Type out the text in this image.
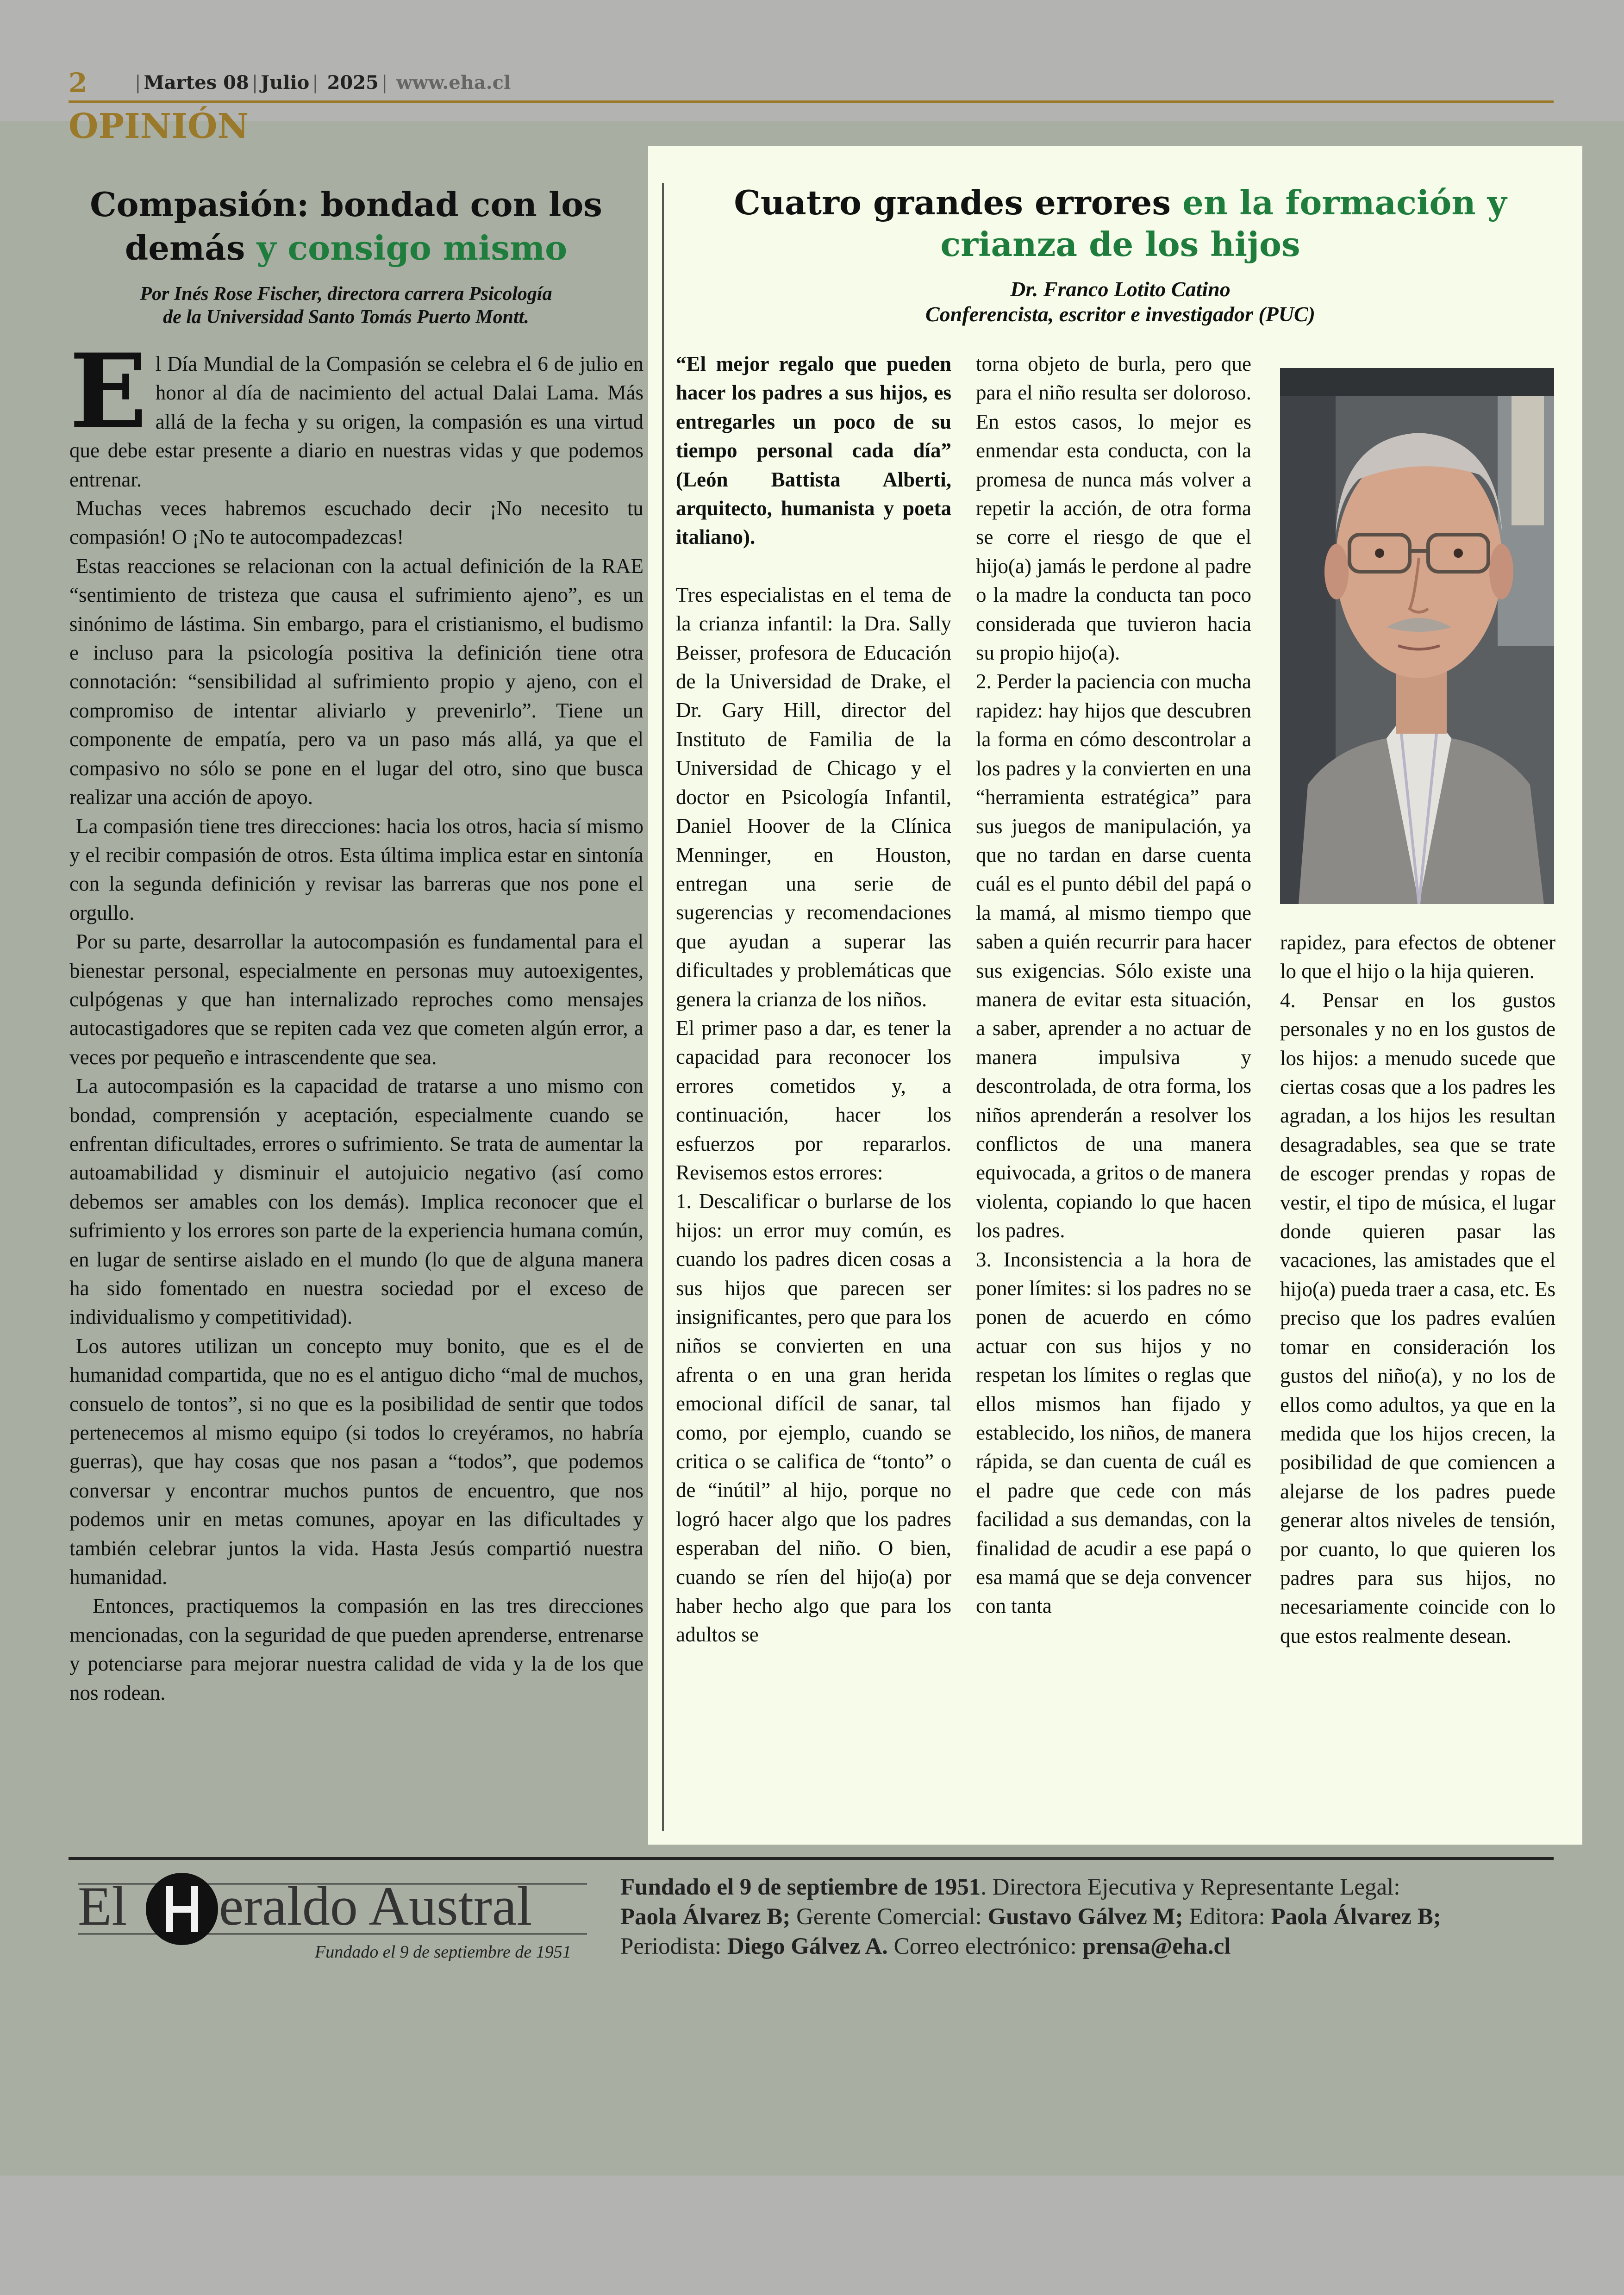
2	| Martes 08 | Julio | 2025 | www.eha.cl
OPINIÓN
Compasión: bondad con los demás y consigo mismo
Por Inés Rose Fischer, directora carrera Psicología
de la Universidad Santo Tomás Puerto Montt.

El Día Mundial de la Compasión se celebra el 6 de julio en honor al día de nacimiento del actual Dalai Lama. Más allá de la fecha y su origen, la compasión es una virtud que debe estar presente a diario en nuestras vidas y que podemos entrenar.

Muchas veces habremos escuchado decir ¡No necesito tu compasión! O ¡No te autocompadezcas!

Estas reacciones se relacionan con la actual definición de la RAE “sentimiento de tristeza que causa el sufrimiento ajeno”, es un sinónimo de lástima. Sin embargo, para el cristianismo, el budismo e incluso para la psicología positiva la definición tiene otra connotación: “sensibilidad al sufrimiento propio y ajeno, con el compromiso de intentar aliviarlo y prevenirlo”. Tiene un componente de empatía, pero va un paso más allá, ya que el compasivo no sólo se pone en el lugar del otro, sino que busca realizar una acción de apoyo.

La compasión tiene tres direcciones: hacia los otros, hacia sí mismo y el recibir compasión de otros. Esta última implica estar en sintonía con la segunda definición y revisar las barreras que nos pone el orgullo.

Por su parte, desarrollar la autocompasión es fundamental para el bienestar personal, especialmente en personas muy autoexigentes, culpógenas y que han internalizado reproches como mensajes autocastigadores que se repiten cada vez que cometen algún error, a veces por pequeño e intrascendente que sea.

La autocompasión es la capacidad de tratarse a uno mismo con bondad, comprensión y aceptación, especialmente cuando se enfrentan dificultades, errores o sufrimiento. Se trata de aumentar la autoamabilidad y disminuir el autojuicio negativo (así como debemos ser amables con los demás). Implica reconocer que el sufrimiento y los errores son parte de la experiencia humana común, en lugar de sentirse aislado en el mundo (lo que de alguna manera ha sido fomentado en nuestra sociedad por el exceso de individualismo y competitividad).

Los autores utilizan un concepto muy bonito, que es el de humanidad compartida, que no es el antiguo dicho “mal de muchos, consuelo de tontos”, si no que es la posibilidad de sentir que todos pertenecemos al mismo equipo (si todos lo creyéramos, no habría guerras), que hay cosas que nos pasan a “todos”, que podemos conversar y encontrar muchos puntos de encuentro, que nos podemos unir en metas comunes, apoyar en las dificultades y también celebrar juntos la vida. Hasta Jesús compartió nuestra humanidad.

Entonces, practiquemos la compasión en las tres direcciones mencionadas, con la seguridad de que pueden aprenderse, entrenarse y potenciarse para mejorar nuestra calidad de vida y la de los que nos rodean.

Cuatro grandes errores en la formación y crianza de los hijos
Dr. Franco Lotito Catino
Conferencista, escritor e investigador (PUC)

“El mejor regalo que pueden hacer los padres a sus hijos, es entregarles un poco de su tiempo personal cada día” (León Battista Alberti, arquitecto, humanista y poeta italiano).

Tres especialistas en el tema de la crianza infantil: la Dra. Sally Beisser, profesora de Educación de la Universidad de Drake, el Dr. Gary Hill, director del Instituto de Familia de la Universidad de Chicago y el doctor en Psicología Infantil, Daniel Hoover de la Clínica Menninger, en Houston, entregan una serie de sugerencias y recomendaciones que ayudan a superar las dificultades y problemáticas que genera la crianza de los niños.

El primer paso a dar, es tener la capacidad para reconocer los errores cometidos y, a continuación, hacer los esfuerzos por repararlos. Revisemos estos errores:

1. Descalificar o burlarse de los hijos: un error muy común, es cuando los padres dicen cosas a sus hijos que parecen ser insignificantes, pero que para los niños se convierten en una afrenta o en una gran herida emocional difícil de sanar, tal como, por ejemplo, cuando se critica o se califica de “tonto” o de “inútil” al hijo, porque no logró hacer algo que los padres esperaban del niño. O bien, cuando se ríen del hijo(a) por haber hecho algo que para los adultos se

torna objeto de burla, pero que para el niño resulta ser doloroso. En estos casos, lo mejor es enmendar esta conducta, con la promesa de nunca más volver a repetir la acción, de otra forma se corre el riesgo de que el hijo(a) jamás le perdone al padre o la madre la conducta tan poco considerada que tuvieron hacia su propio hijo(a).

2. Perder la paciencia con mucha rapidez: hay hijos que descubren la forma en cómo descontrolar a los padres y la convierten en una “herramienta estratégica” para sus juegos de manipulación, ya que no tardan en darse cuenta cuál es el punto débil del papá o la mamá, al mismo tiempo que saben a quién recurrir para hacer sus exigencias. Sólo existe una manera de evitar esta situación, a saber, aprender a no actuar de manera impulsiva y descontrolada, de otra forma, los niños aprenderán a resolver los conflictos de una manera equivocada, a gritos o de manera violenta, copiando lo que hacen los padres.

3. Inconsistencia a la hora de poner límites: si los padres no se ponen de acuerdo en cómo actuar con sus hijos y no respetan los límites o reglas que ellos mismos han fijado y establecido, los niños, de manera rápida, se dan cuenta de cuál es el padre que cede con más facilidad a sus demandas, con la finalidad de acudir a ese papá o esa mamá que se deja convencer con tanta

rapidez, para efectos de obtener lo que el hijo o la hija quieren.

4. Pensar en los gustos personales y no en los gustos de los hijos: a menudo sucede que ciertas cosas que a los padres les agradan, a los hijos les resultan desagradables, sea que se trate de escoger prendas y ropas de vestir, el tipo de música, el lugar donde quieren pasar las vacaciones, las amistades que el hijo(a) pueda traer a casa, etc. Es preciso que los padres evalúen tomar en consideración los gustos del niño(a), y no los de ellos como adultos, ya que en la medida que los hijos crecen, la posibilidad de que comiencen a alejarse de los padres puede generar altos niveles de tensión, por cuanto, lo que quieren los padres para sus hijos, no necesariamente coincide con lo que estos realmente desean.

El eraldo Austral
Fundado el 9 de septiembre de 1951
Fundado el 9 de septiembre de 1951. Directora Ejecutiva y Representante Legal:
Paola Álvarez B; Gerente Comercial: Gustavo Gálvez M; Editora: Paola Álvarez B;
Periodista: Diego Gálvez A. Correo electrónico: prensa@eha.cl
